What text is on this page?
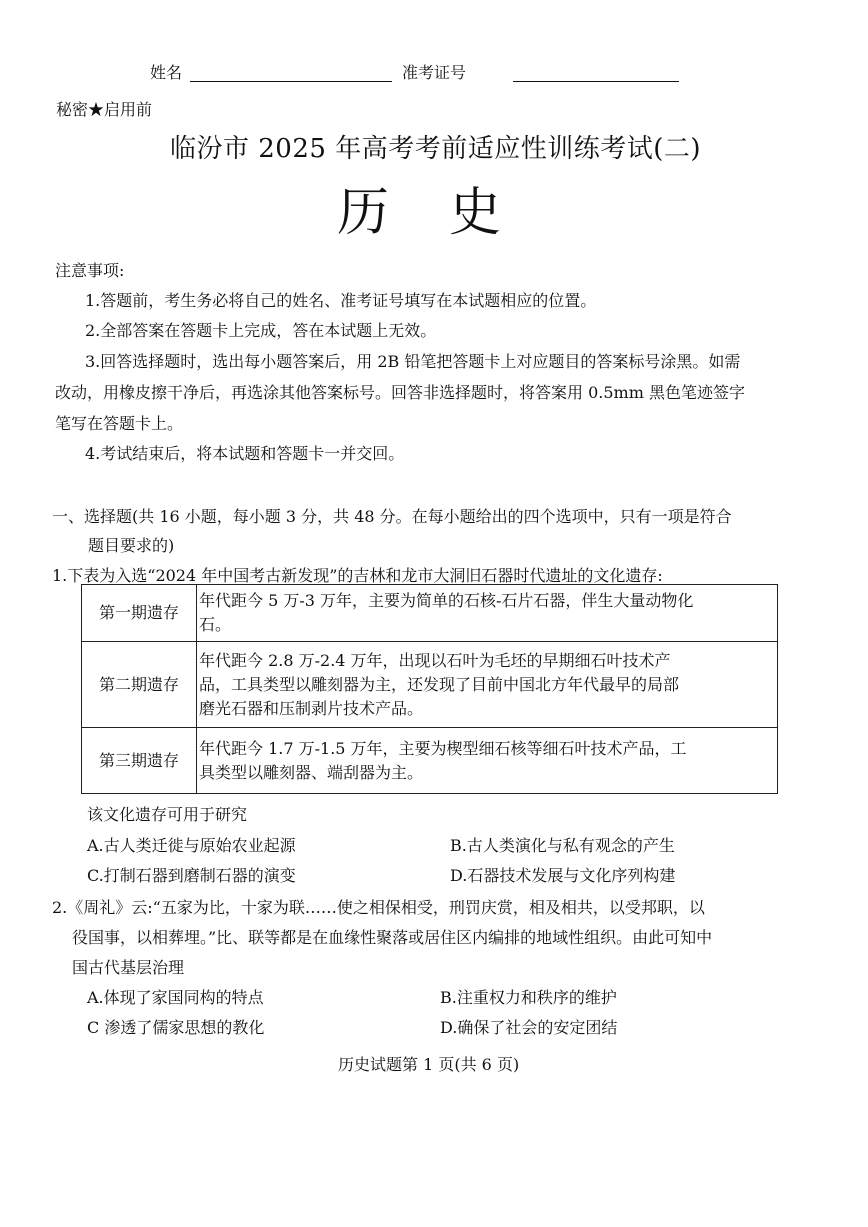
姓名	准考证号
秘密★启用前
临汾市 2025 年高考考前适应性训练考试(二)
历　史
注意事项:
1.答题前，考生务必将自己的姓名、准考证号填写在本试题相应的位置。
2.全部答案在答题卡上完成，答在本试题上无效。
3.回答选择题时，选出每小题答案后，用 2B 铅笔把答题卡上对应题目的答案标号涂黑。如需
改动，用橡皮擦干净后，再选涂其他答案标号。回答非选择题时，将答案用 0.5mm 黑色笔迹签字
笔写在答题卡上。
4.考试结束后，将本试题和答题卡一并交回。
一、选择题(共 16 小题，每小题 3 分，共 48 分。在每小题给出的四个选项中，只有一项是符合
题目要求的)
1.下表为入选“2024 年中国考古新发现”的吉林和龙市大洞旧石器时代遗址的文化遗存:
第一期遗存	年代距今 5 万-3 万年，主要为简单的石核-石片石器，伴生大量动物化
石。

第二期遗存	年代距今 2.8 万-2.4 万年，出现以石叶为毛坯的早期细石叶技术产
品，工具类型以雕刻器为主，还发现了目前中国北方年代最早的局部
磨光石器和压制剥片技术产品。

第三期遗存	年代距今 1.7 万-1.5 万年，主要为楔型细石核等细石叶技术产品，工
具类型以雕刻器、端刮器为主。
该文化遗存可用于研究
A.古人类迁徙与原始农业起源	B.古人类演化与私有观念的产生
C.打制石器到磨制石器的演变	D.石器技术发展与文化序列构建
2.《周礼》云:“五家为比，十家为联……使之相保相受，刑罚庆赏，相及相共，以受邦职，以
役国事，以相葬埋。”比、联等都是在血缘性聚落或居住区内编排的地域性组织。由此可知中
国古代基层治理
A.体现了家国同构的特点	B.注重权力和秩序的维护
C 渗透了儒家思想的教化	D.确保了社会的安定团结
历史试题第 1 页(共 6 页)
